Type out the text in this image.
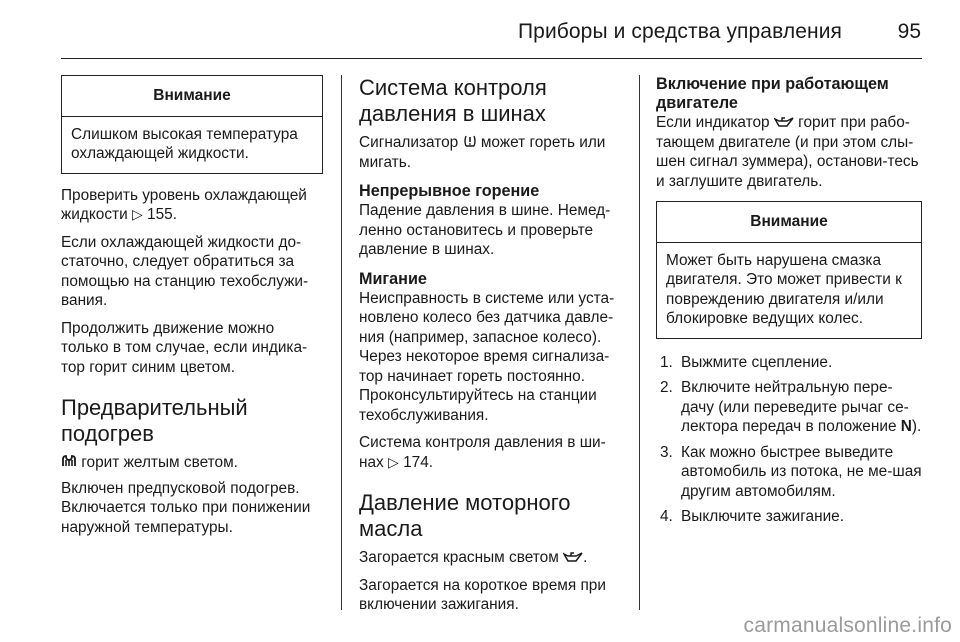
Приборы и средства управления	95
Внимание
Слишком высокая температура охлаждающей жидкости.

Проверить уровень охлаждающей жидкости ▷ 155.

Если охлаждающей жидкости до-статочно, следует обратиться за помощью на станцию техобслужи-вания.

Продолжить движение можно только в том случае, если индика-тор горит синим цветом.

Предварительный подогрев

горит желтым светом.

Включен предпусковой подогрев. Включается только при понижении наружной температуры.

Система контроля давления в шинах

Сигнализатор может гореть или мигать.

Непрерывное горение

Падение давления в шине. Немед-ленно остановитесь и проверьте давление в шинах.

Мигание

Неисправность в системе или уста-новлено колесо без датчика давле-ния (например, запасное колесо). Через некоторое время сигнализа-тор начинает гореть постоянно. Проконсультируйтесь на станции техобслуживания.

Система контроля давления в ши-нах ▷ 174.

Давление моторного масла

Загорается красным светом .

Загорается на короткое время при включении зажигания.

Включение при работающем двигателе

Если индикатор горит при рабо-тающем двигателе (и при этом слы-шен сигнал зуммера), останови-тесь и заглушите двигатель.

Внимание
Может быть нарушена смазка двигателя. Это может привести к повреждению двигателя и/или блокировке ведущих колес.
1. Выжмите сцепление.
2. Включите нейтральную пере-дачу (или переведите рычаг се-лектора передач в положение N).
3. Как можно быстрее выведите автомобиль из потока, не ме-шая другим автомобилям.
4. Выключите зажигание.
carmanualsonline.info
